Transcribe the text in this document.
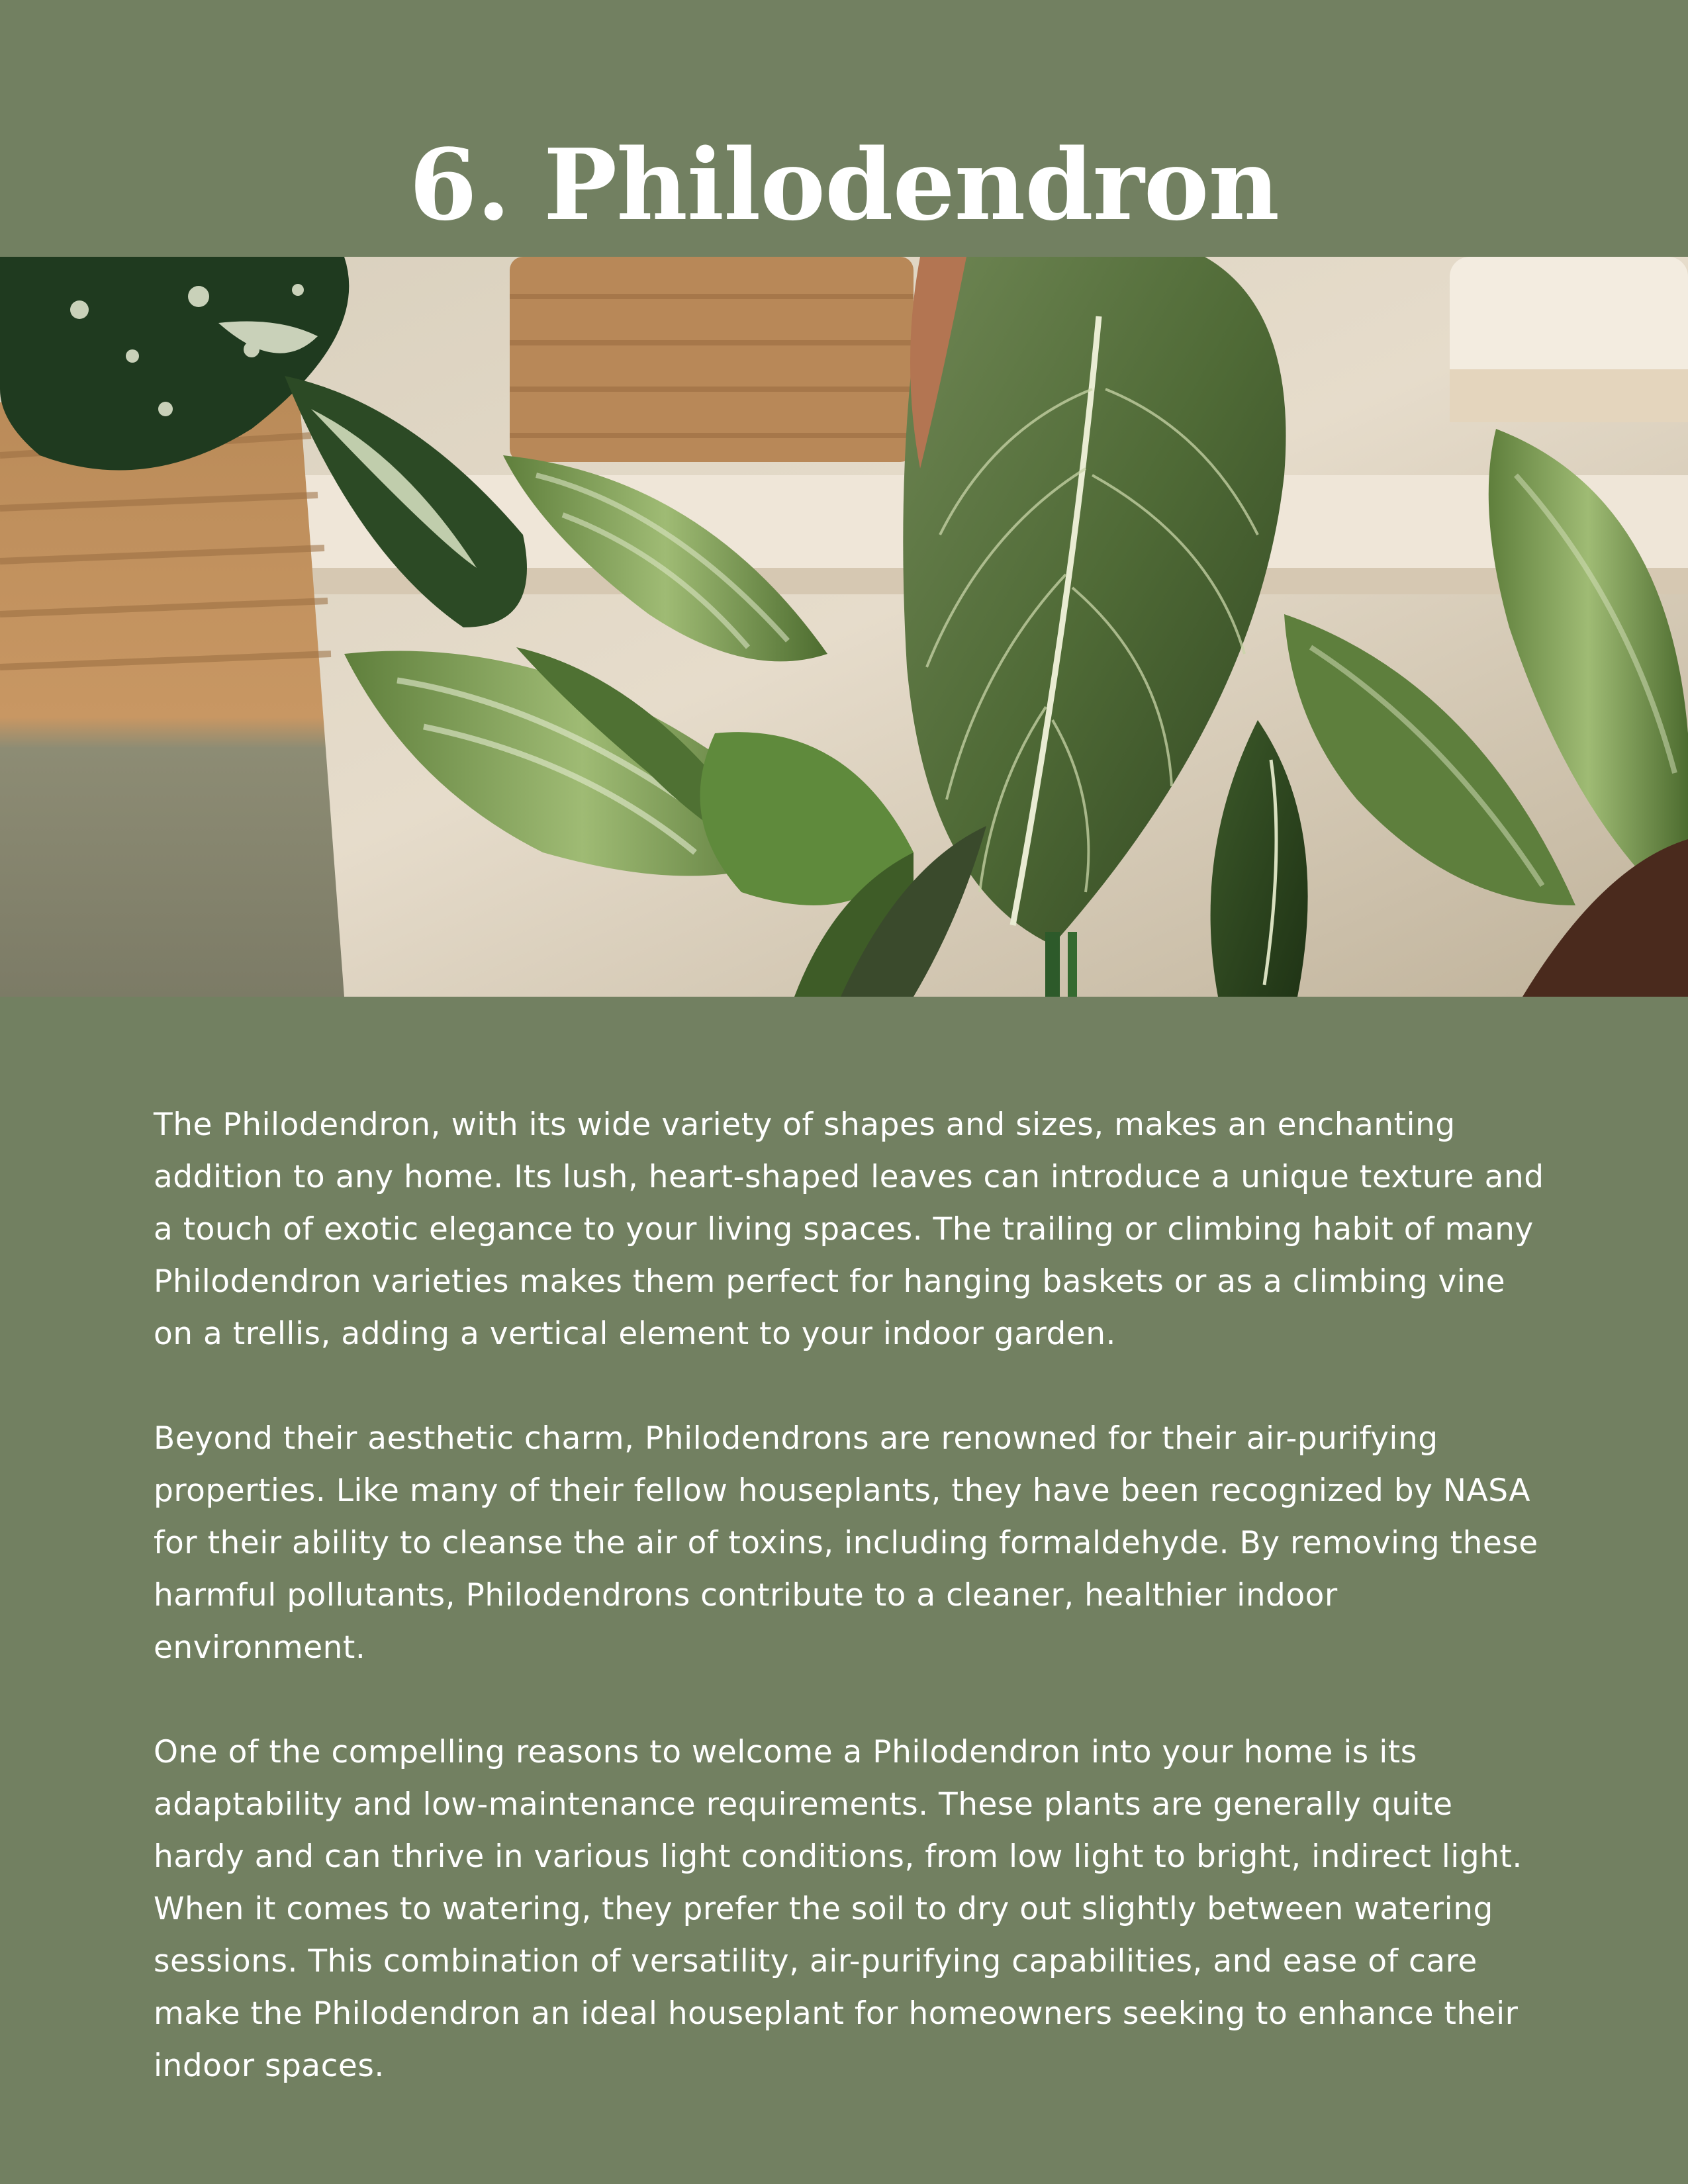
6. Philodendron

The Philodendron, with its wide variety of shapes and sizes, makes an enchanting addition to any home. Its lush, heart-shaped leaves can introduce a unique texture and a touch of exotic elegance to your living spaces. The trailing or climbing habit of many Philodendron varieties makes them perfect for hanging baskets or as a climbing vine on a trellis, adding a vertical element to your indoor garden.

Beyond their aesthetic charm, Philodendrons are renowned for their air-purifying properties. Like many of their fellow houseplants, they have been recognized by NASA for their ability to cleanse the air of toxins, including formaldehyde. By removing these harmful pollutants, Philodendrons contribute to a cleaner, healthier indoor environment.

One of the compelling reasons to welcome a Philodendron into your home is its adaptability and low-maintenance requirements. These plants are generally quite hardy and can thrive in various light conditions, from low light to bright, indirect light. When it comes to watering, they prefer the soil to dry out slightly between watering sessions. This combination of versatility, air-purifying capabilities, and ease of care make the Philodendron an ideal houseplant for homeowners seeking to enhance their indoor spaces.
